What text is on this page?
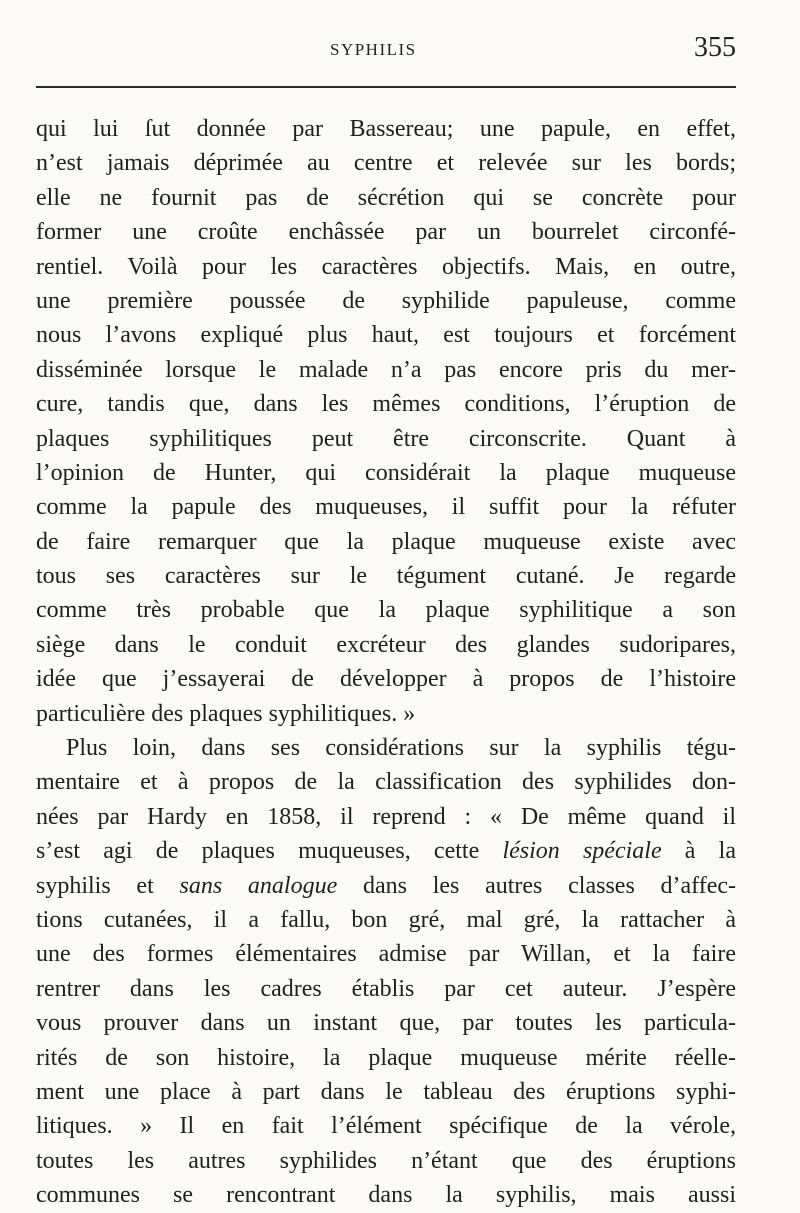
SYPHILIS	355
qui lui ſut donnée par Bassereau; une papule, en effet,
n’est jamais déprimée au centre et relevée sur les bords;
elle ne fournit pas de sécrétion qui se concrète pour
former une croûte enchâssée par un bourrelet circonfé-
rentiel. Voilà pour les caractères objectifs. Mais, en outre,
une première poussée de syphilide papuleuse, comme
nous l’avons expliqué plus haut, est toujours et forcément
disséminée lorsque le malade n’a pas encore pris du mer-
cure, tandis que, dans les mêmes conditions, l’éruption de
plaques syphilitiques peut être circonscrite. Quant à
l’opinion de Hunter, qui considérait la plaque muqueuse
comme la papule des muqueuses, il suffit pour la réfuter
de faire remarquer que la plaque muqueuse existe avec
tous ses caractères sur le tégument cutané. Je regarde
comme très probable que la plaque syphilitique a son
siège dans le conduit excréteur des glandes sudoripares,
idée que j’essayerai de développer à propos de l’histoire
particulière des plaques syphilitiques. »
Plus loin, dans ses considérations sur la syphilis tégu-
mentaire et à propos de la classification des syphilides don-
nées par Hardy en 1858, il reprend : « De même quand il
s’est agi de plaques muqueuses, cette lésion spéciale à la
syphilis et sans analogue dans les autres classes d’affec-
tions cutanées, il a fallu, bon gré, mal gré, la rattacher à
une des formes élémentaires admise par Willan, et la faire
rentrer dans les cadres établis par cet auteur. J’espère
vous prouver dans un instant que, par toutes les particula-
rités de son histoire, la plaque muqueuse mérite réelle-
ment une place à part dans le tableau des éruptions syphi-
litiques. » Il en fait l’élément spécifique de la vérole,
toutes les autres syphilides n’étant que des éruptions
communes se rencontrant dans la syphilis, mais aussi
